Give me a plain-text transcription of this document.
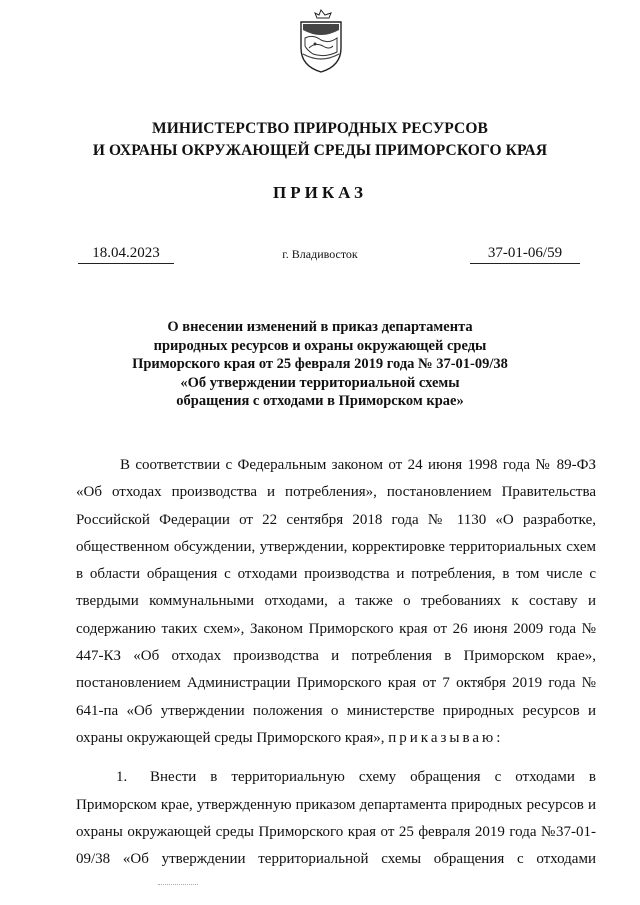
МИНИСТЕРСТВО ПРИРОДНЫХ РЕСУРСОВ
И ОХРАНЫ ОКРУЖАЮЩЕЙ СРЕДЫ ПРИМОРСКОГО КРАЯ
ПРИКАЗ
18.04.2023	г. Владивосток	37-01-06/59
О внесении изменений в приказ департамента
природных ресурсов и охраны окружающей среды
Приморского края от 25 февраля 2019 года № 37-01-09/38
«Об утверждении территориальной схемы
обращения с отходами в Приморском крае»

В соответствии с Федеральным законом от 24 июня 1998 года № 89-ФЗ «Об отходах производства и потребления», постановлением Правительства Российской Федерации от 22 сентября 2018 года № 1130 «О разработке, общественном обсуждении, утверждении, корректировке территориальных схем в области обращения с отходами производства и потребления, в том числе с твердыми коммунальными отходами, а также о требованиях к составу и содержанию таких схем», Законом Приморского края от 26 июня 2009 года № 447-КЗ «Об отходах производства и потребления в Приморском крае», постановлением Администрации Приморского края от 7 октября 2019 года № 641-па «Об утверждении положения о министерстве природных ресурсов и охраны окружающей среды Приморского края», приказываю:

1. Внести в территориальную схему обращения с отходами в Приморском крае, утвержденную приказом департамента природных ресурсов и охраны окружающей среды Приморского края от 25 февраля 2019 года №37-01-09/38 «Об утверждении территориальной схемы обращения с отходами
